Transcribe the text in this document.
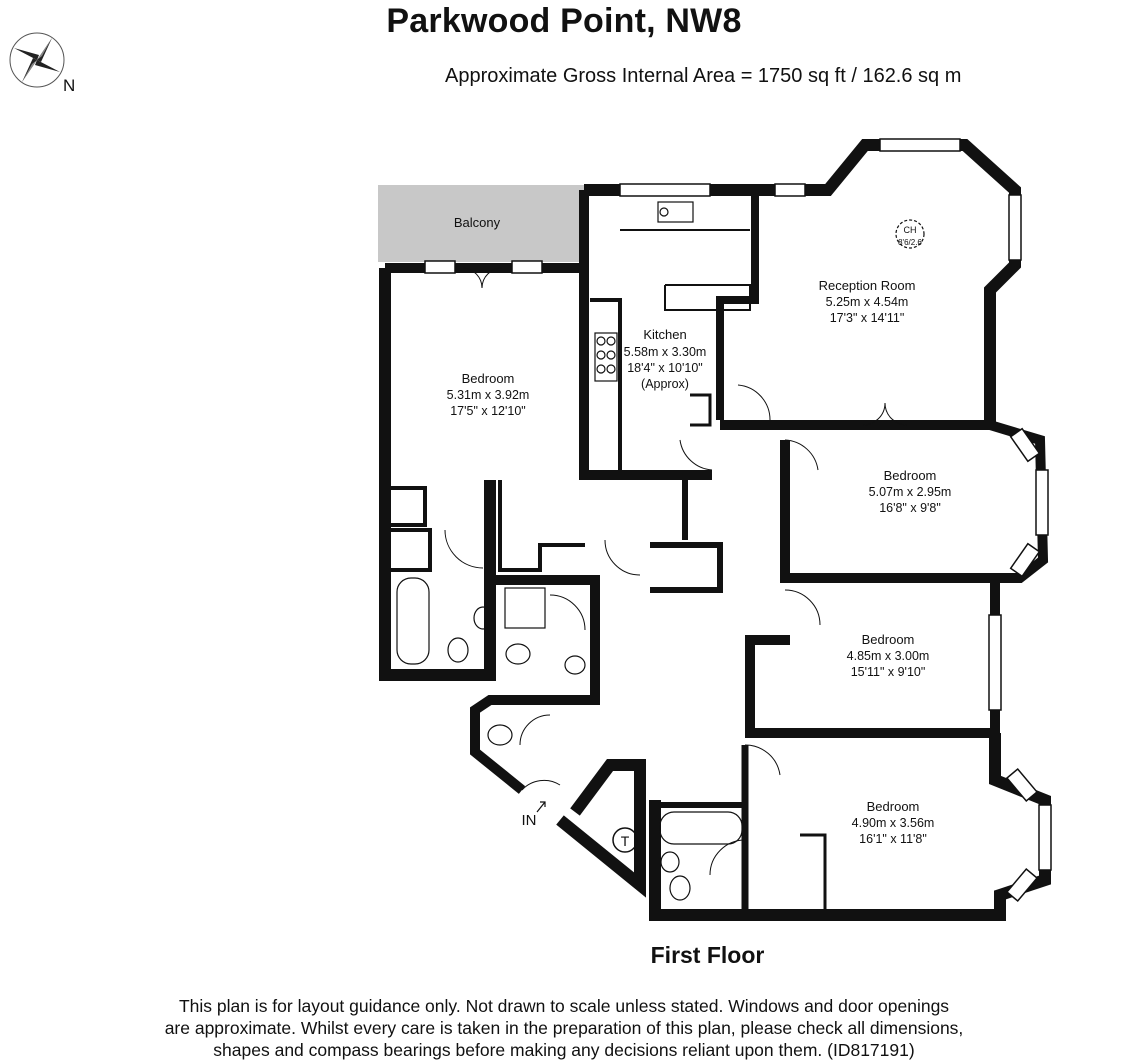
Parkwood Point, NW8
Approximate Gross Internal Area = 1750 sq ft / 162.6 sq m
N
Balcony
Kitchen
5.58m x 3.30m
18'4" x 10'10"
(Approx)
Reception Room
5.25m x 4.54m
17'3" x 14'11"
Bedroom
5.31m x 3.92m
17'5" x 12'10"
Bedroom
5.07m x 2.95m
16'8" x 9'8"
Bedroom
4.85m x 3.00m
15'11" x 9'10"
Bedroom
4.90m x 3.56m
16'1" x 11'8"
CH
8'6/2.6
IN
T
First Floor
This plan is for layout guidance only. Not drawn to scale unless stated. Windows and door openings
are approximate. Whilst every care is taken in the preparation of this plan, please check all dimensions,
shapes and compass bearings before making any decisions reliant upon them. (ID817191)
